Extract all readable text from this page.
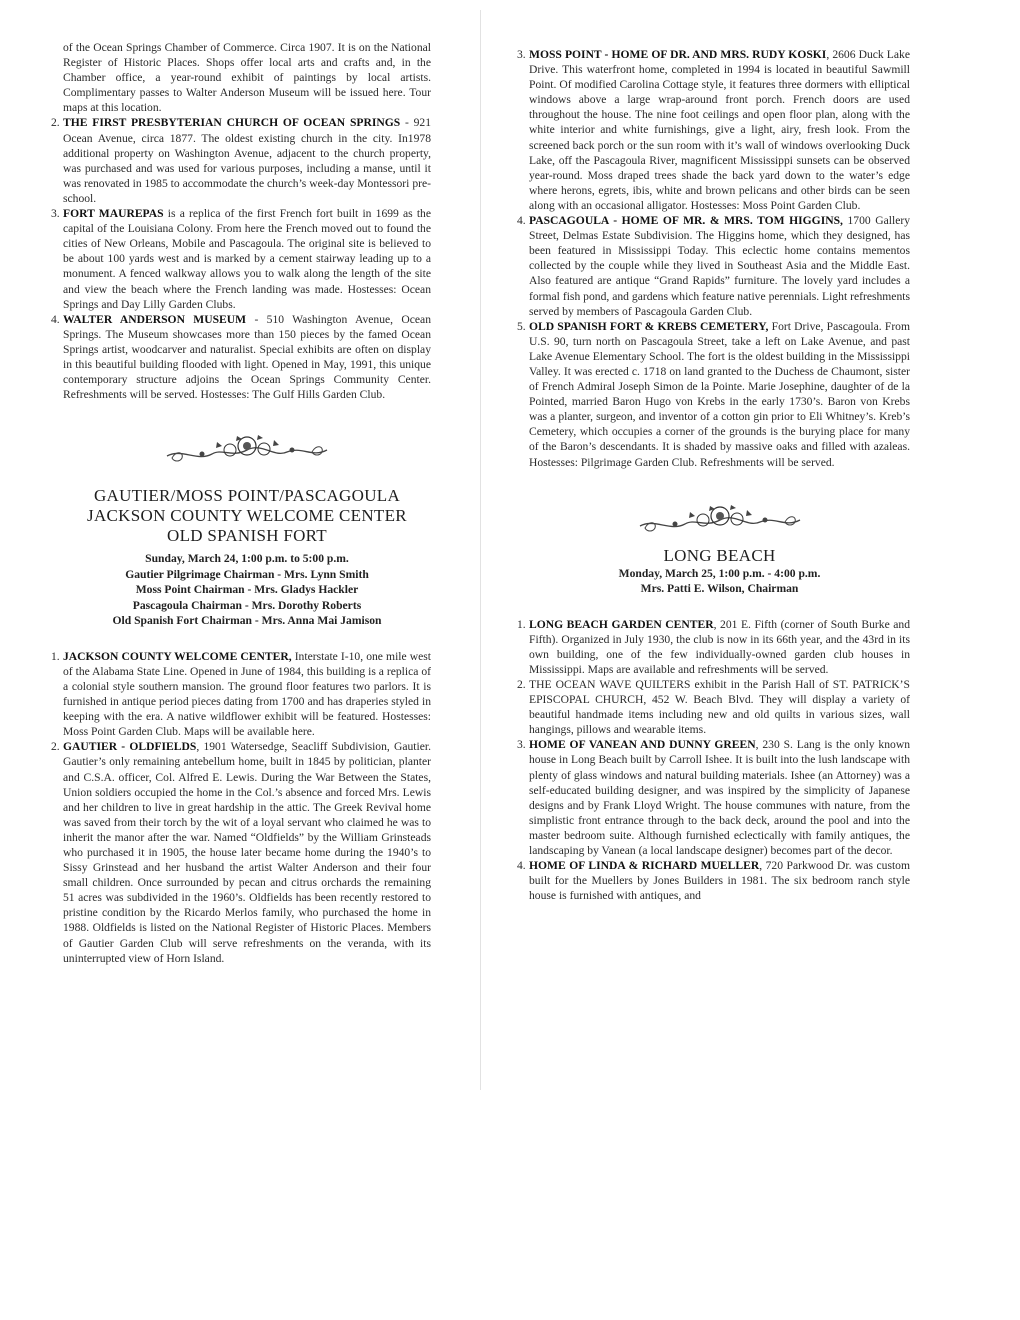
of the Ocean Springs Chamber of Commerce. Circa 1907. It is on the National Register of Historic Places. Shops offer local arts and crafts and, in the Chamber office, a year-round exhibit of paintings by local artists. Complimentary passes to Walter Anderson Museum will be issued here. Tour maps at this location.

2. THE FIRST PRESBYTERIAN CHURCH OF OCEAN SPRINGS - 921 Ocean Avenue, circa 1877. The oldest existing church in the city. In1978 additional property on Washington Avenue, adjacent to the church property, was purchased and was used for various purposes, including a manse, until it was renovated in 1985 to accommodate the church’s week-day Montessori pre-school.
3. FORT MAUREPAS is a replica of the first French fort built in 1699 as the capital of the Louisiana Colony. From here the French moved out to found the cities of New Orleans, Mobile and Pascagoula. The original site is believed to be about 100 yards west and is marked by a cement stairway leading up to a monument. A fenced walkway allows you to walk along the length of the site and view the beach where the French landing was made. Hostesses: Ocean Springs and Day Lilly Garden Clubs.
4. WALTER ANDERSON MUSEUM - 510 Washington Avenue, Ocean Springs. The Museum showcases more than 150 pieces by the famed Ocean Springs artist, woodcarver and naturalist. Special exhibits are often on display in this beautiful building flooded with light. Opened in May, 1991, this unique contemporary structure adjoins the Ocean Springs Community Center. Refreshments will be served. Hostesses: The Gulf Hills Garden Club.
GAUTIER/MOSS POINT/PASCAGOULA
JACKSON COUNTY WELCOME CENTER
OLD SPANISH FORT
Sunday, March 24, 1:00 p.m. to 5:00 p.m.
Gautier Pilgrimage Chairman - Mrs. Lynn Smith
Moss Point Chairman - Mrs. Gladys Hackler
Pascagoula Chairman - Mrs. Dorothy Roberts
Old Spanish Fort Chairman - Mrs. Anna Mai Jamison
1. JACKSON COUNTY WELCOME CENTER, Interstate I-10, one mile west of the Alabama State Line. Opened in June of 1984, this building is a replica of a colonial style southern mansion. The ground floor features two parlors. It is furnished in antique period pieces dating from 1700 and has draperies styled in keeping with the era. A native wildflower exhibit will be featured. Hostesses: Moss Point Garden Club. Maps will be available here.
2. GAUTIER - OLDFIELDS, 1901 Watersedge, Seacliff Subdivision, Gautier. Gautier’s only remaining antebellum home, built in 1845 by politician, planter and C.S.A. officer, Col. Alfred E. Lewis. During the War Between the States, Union soldiers occupied the home in the Col.’s absence and forced Mrs. Lewis and her children to live in great hardship in the attic. The Greek Revival home was saved from their torch by the wit of a loyal servant who claimed he was to inherit the manor after the war. Named “Oldfields” by the William Grinsteads who purchased it in 1905, the house later became home during the 1940’s to Sissy Grinstead and her husband the artist Walter Anderson and their four small children. Once surrounded by pecan and citrus orchards the remaining 51 acres was subdivided in the 1960’s. Oldfields has been recently restored to pristine condition by the Ricardo Merlos family, who purchased the home in 1988. Oldfields is listed on the National Register of Historic Places. Members of Gautier Garden Club will serve refreshments on the veranda, with its uninterrupted view of Horn Island.
3. MOSS POINT - HOME OF DR. AND MRS. RUDY KOSKI, 2606 Duck Lake Drive. This waterfront home, completed in 1994 is located in beautiful Sawmill Point. Of modified Carolina Cottage style, it features three dormers with elliptical windows above a large wrap-around front porch. French doors are used throughout the house. The nine foot ceilings and open floor plan, along with the white interior and white furnishings, give a light, airy, fresh look. From the screened back porch or the sun room with it’s wall of windows overlooking Duck Lake, off the Pascagoula River, magnificent Mississippi sunsets can be observed year-round. Moss draped trees shade the back yard down to the water’s edge where herons, egrets, ibis, white and brown pelicans and other birds can be seen along with an occasional alligator. Hostesses: Moss Point Garden Club.
4. PASCAGOULA - HOME OF MR. & MRS. TOM HIGGINS, 1700 Gallery Street, Delmas Estate Subdivision. The Higgins home, which they designed, has been featured in Mississippi Today. This eclectic home contains mementos collected by the couple while they lived in Southeast Asia and the Middle East. Also featured are antique “Grand Rapids” furniture. The lovely yard includes a formal fish pond, and gardens which feature native perennials. Light refreshments served by members of Pascagoula Garden Club.
5. OLD SPANISH FORT & KREBS CEMETERY, Fort Drive, Pascagoula. From U.S. 90, turn north on Pascagoula Street, take a left on Lake Avenue, and past Lake Avenue Elementary School. The fort is the oldest building in the Mississippi Valley. It was erected c. 1718 on land granted to the Duchess de Chaumont, sister of French Admiral Joseph Simon de la Pointe. Marie Josephine, daughter of de la Pointed, married Baron Hugo von Krebs in the early 1730’s. Baron von Krebs was a planter, surgeon, and inventor of a cotton gin prior to Eli Whitney’s. Kreb’s Cemetery, which occupies a corner of the grounds is the burying place for many of the Baron’s descendants. It is shaded by massive oaks and filled with azaleas. Hostesses: Pilgrimage Garden Club. Refreshments will be served.
LONG BEACH
Monday, March 25, 1:00 p.m. - 4:00 p.m.
Mrs. Patti E. Wilson, Chairman
1. LONG BEACH GARDEN CENTER, 201 E. Fifth (corner of South Burke and Fifth). Organized in July 1930, the club is now in its 66th year, and the 43rd in its own building, one of the few individually-owned garden club houses in Mississippi. Maps are available and refreshments will be served.
2. THE OCEAN WAVE QUILTERS exhibit in the Parish Hall of ST. PATRICK’S EPISCOPAL CHURCH, 452 W. Beach Blvd. They will display a variety of beautiful handmade items including new and old quilts in various sizes, wall hangings, pillows and wearable items.
3. HOME OF VANEAN AND DUNNY GREEN, 230 S. Lang is the only known house in Long Beach built by Carroll Ishee. It is built into the lush landscape with plenty of glass windows and natural building materials. Ishee (an Attorney) was a self-educated building designer, and was inspired by the simplicity of Japanese designs and by Frank Lloyd Wright. The house communes with nature, from the simplistic front entrance through to the back deck, around the pool and into the master bedroom suite. Although furnished eclectically with family antiques, the landscaping by Vanean (a local landscape designer) becomes part of the decor.
4. HOME OF LINDA & RICHARD MUELLER, 720 Parkwood Dr. was custom built for the Muellers by Jones Builders in 1981. The six bedroom ranch style house is furnished with antiques, and
